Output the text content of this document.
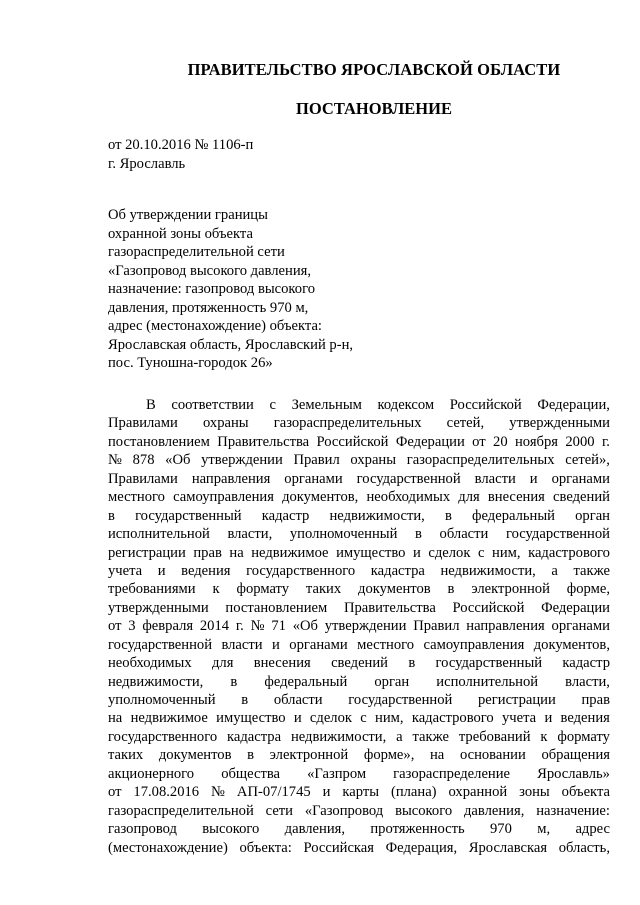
ПРАВИТЕЛЬСТВО ЯРОСЛАВСКОЙ ОБЛАСТИ
ПОСТАНОВЛЕНИЕ
от 20.10.2016 № 1106-п
г. Ярославль
Об утверждении границы
охранной зоны объекта
газораспределительной сети
«Газопровод высокого давления,
назначение: газопровод высокого
давления, протяженность 970 м,
адрес (местонахождение) объекта:
Ярославская область, Ярославский р-н,
пос. Туношна-городок 26»
В соответствии с Земельным кодексом Российской Федерации,
Правилами охраны газораспределительных сетей, утвержденными
постановлением Правительства Российской Федерации от 20 ноября 2000 г.
№ 878 «Об утверждении Правил охраны газораспределительных сетей»,
Правилами направления органами государственной власти и органами
местного самоуправления документов, необходимых для внесения сведений
в государственный кадастр недвижимости, в федеральный орган
исполнительной власти, уполномоченный в области государственной
регистрации прав на недвижимое имущество и сделок с ним, кадастрового
учета и ведения государственного кадастра недвижимости, а также
требованиями к формату таких документов в электронной форме,
утвержденными постановлением Правительства Российской Федерации
от 3 февраля 2014 г. № 71 «Об утверждении Правил направления органами
государственной власти и органами местного самоуправления документов,
необходимых для внесения сведений в государственный кадастр
недвижимости, в федеральный орган исполнительной власти,
уполномоченный в области государственной регистрации прав
на недвижимое имущество и сделок с ним, кадастрового учета и ведения
государственного кадастра недвижимости, а также требований к формату
таких документов в электронной форме», на основании обращения
акционерного общества «Газпром газораспределение Ярославль»
от 17.08.2016 № АП-07/1745 и карты (плана) охранной зоны объекта
газораспределительной сети «Газопровод высокого давления, назначение:
газопровод высокого давления, протяженность 970 м, адрес
(местонахождение) объекта: Российская Федерация, Ярославская область,
